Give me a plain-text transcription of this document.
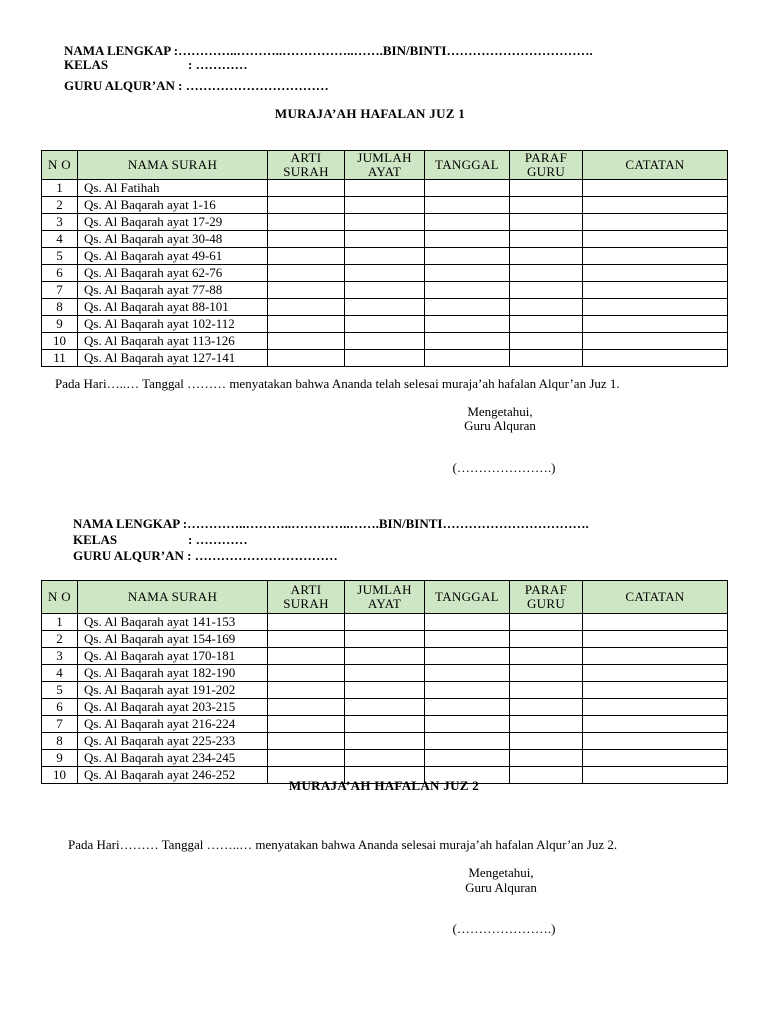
NAMA LENGKAP :…………..………..……………..…….BIN/BINTI…………………………….
KELAS	: …………
GURU ALQUR’AN : ……………………………
MURAJA’AH HAFALAN JUZ 1
N O	NAMA SURAH	ARTI SURAH	JUMLAH AYAT	TANGGAL	PARAF GURU	CATATAN
1	Qs. Al Fatihah					
2	Qs. Al Baqarah ayat 1-16					
3	Qs. Al Baqarah ayat 17-29					
4	Qs. Al Baqarah ayat 30-48					
5	Qs. Al Baqarah ayat 49-61					
6	Qs. Al Baqarah ayat 62-76					
7	Qs. Al Baqarah ayat 77-88					
8	Qs. Al Baqarah ayat 88-101					
9	Qs. Al Baqarah ayat 102-112					
10	Qs. Al Baqarah ayat 113-126					
11	Qs. Al Baqarah ayat 127-141					
Pada Hari…..… Tanggal ……… menyatakan bahwa Ananda telah selesai muraja’ah hafalan Alqur’an Juz 1.
Mengetahui,
Guru Alquran
(………………….)
NAMA LENGKAP :…………..………..…………..…….BIN/BINTI…………………………….
KELAS	: …………
GURU ALQUR’AN : ……………………………
N O	NAMA SURAH	ARTI SURAH	JUMLAH AYAT	TANGGAL	PARAF GURU	CATATAN
1	Qs. Al Baqarah ayat 141-153					
2	Qs. Al Baqarah ayat 154-169					
3	Qs. Al Baqarah ayat 170-181					
4	Qs. Al Baqarah ayat 182-190					
5	Qs. Al Baqarah ayat 191-202					
6	Qs. Al Baqarah ayat 203-215					
7	Qs. Al Baqarah ayat 216-224					
8	Qs. Al Baqarah ayat 225-233					
9	Qs. Al Baqarah ayat 234-245					
10	Qs. Al Baqarah ayat 246-252					
MURAJA’AH HAFALAN JUZ 2
Pada Hari……… Tanggal ……..… menyatakan bahwa Ananda selesai muraja’ah hafalan Alqur’an Juz 2.
Mengetahui,
Guru Alquran
(………………….)
